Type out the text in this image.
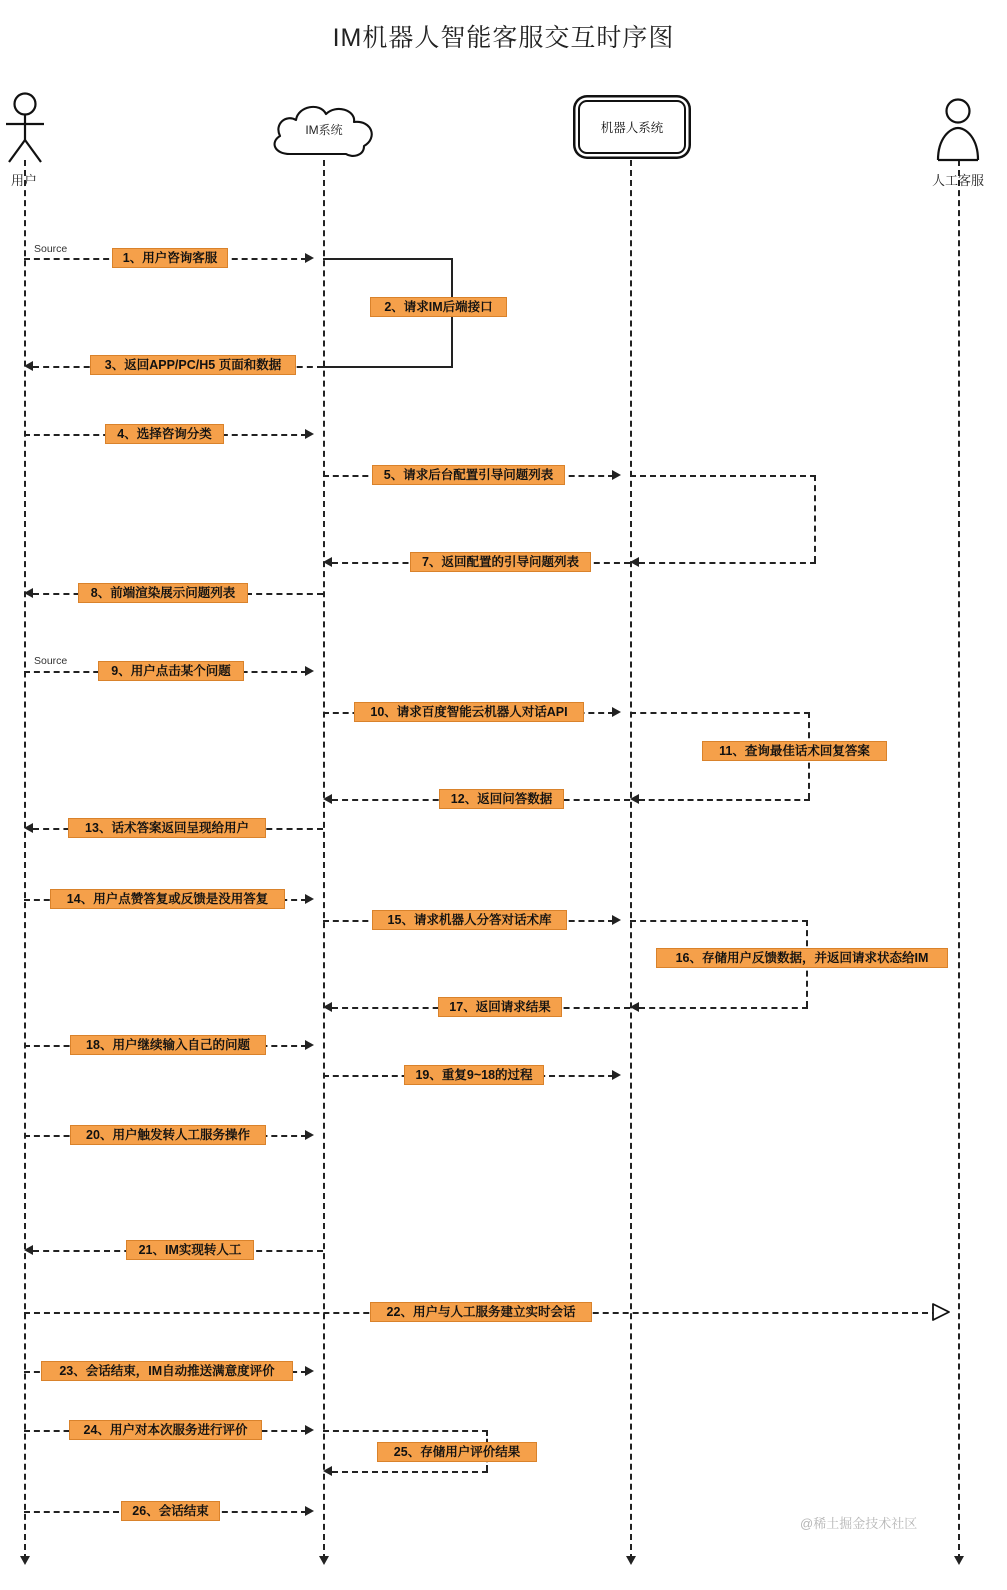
IM机器人智能客服交互时序图
用户
IM系统	机器人系统
人工客服
Source
Source
1、用户咨询客服
2、请求IM后端接口
3、返回APP/PC/H5 页面和数据
4、选择咨询分类
5、请求后台配置引导问题列表
7、返回配置的引导问题列表
8、前端渲染展示问题列表
9、用户点击某个问题
10、请求百度智能云机器人对话API
11、查询最佳话术回复答案
12、返回问答数据
13、话术答案返回呈现给用户
14、用户点赞答复或反馈是没用答复
15、请求机器人分答对话术库
16、存储用户反馈数据，并返回请求状态给IM
17、返回请求结果
18、用户继续输入自己的问题
19、重复9~18的过程
20、用户触发转人工服务操作
21、IM实现转人工
22、用户与人工服务建立实时会话
23、会话结束，IM自动推送满意度评价
24、用户对本次服务进行评价
25、存储用户评价结果
26、会话结束
@稀土掘金技术社区
